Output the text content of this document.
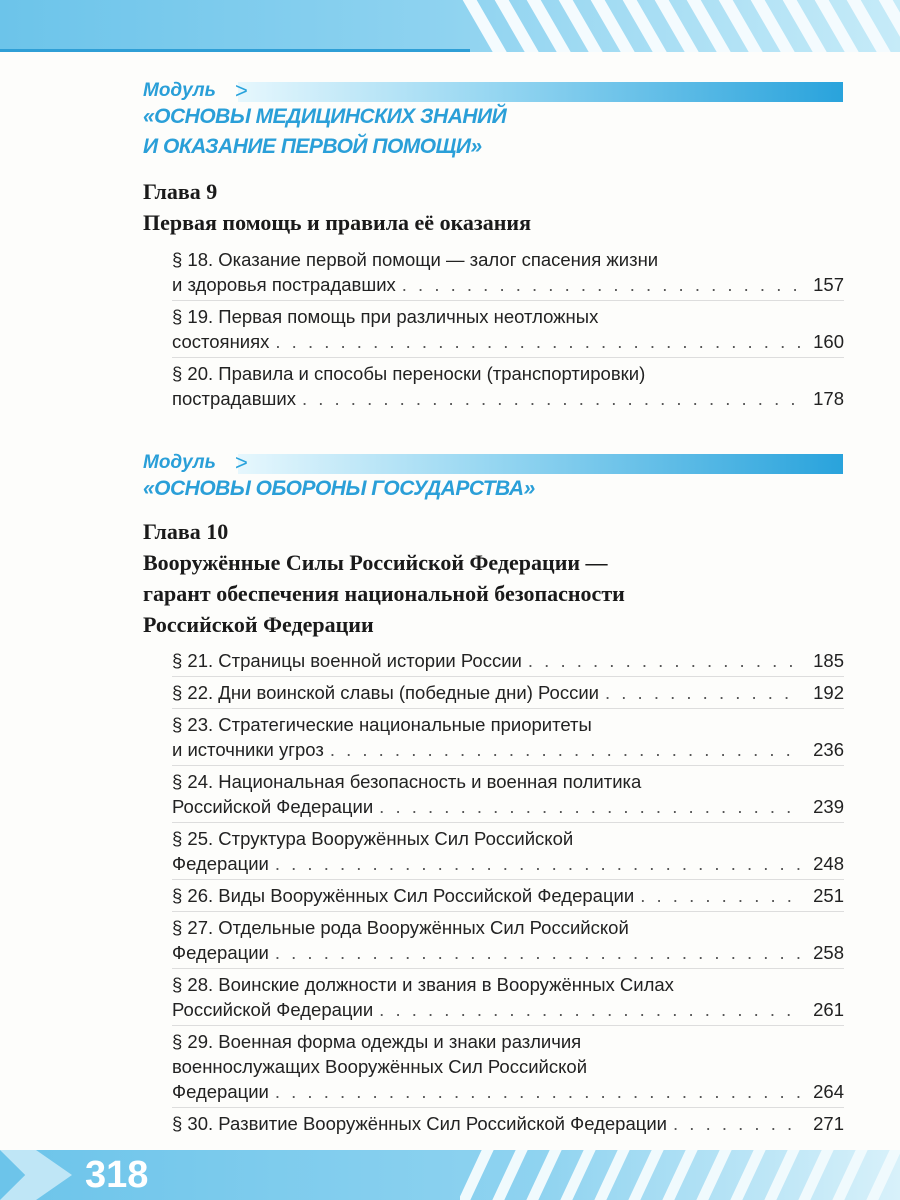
>
Модуль
«ОСНОВЫ МЕДИЦИНСКИХ ЗНАНИЙ
И ОКАЗАНИЕ ПЕРВОЙ ПОМОЩИ»
Глава 9
Первая помощь и правила её оказания
§ 18. Оказание первой помощи — залог спасения жизни
и здоровья пострадавших . . .	157
§ 19. Первая помощь при различных неотложных
состояниях . . .	160
§ 20. Правила и способы переноски (транспортировки)
пострадавших . . .	178
>
Модуль
«ОСНОВЫ ОБОРОНЫ ГОСУДАРСТВА»
Глава 10
Вооружённые Силы Российской Федерации —
гарант обеспечения национальной безопасности
Российской Федерации
§ 21. Страницы военной истории России . . .	185
§ 22. Дни воинской славы (победные дни) России . . .	192
§ 23. Стратегические национальные приоритеты
и источники угроз . . .	236
§ 24. Национальная безопасность и военная политика
Российской Федерации . . .	239
§ 25. Структура Вооружённых Сил Российской
Федерации . . .	248
§ 26. Виды Вооружённых Сил Российской Федерации . . .	251
§ 27. Отдельные рода Вооружённых Сил Российской
Федерации . . .	258
§ 28. Воинские должности и звания в Вооружённых Силах
Российской Федерации . . .	261
§ 29. Военная форма одежды и знаки различия
военнослужащих Вооружённых Сил Российской
Федерации . . .	264
§ 30. Развитие Вооружённых Сил Российской Федерации . . .	271
318
